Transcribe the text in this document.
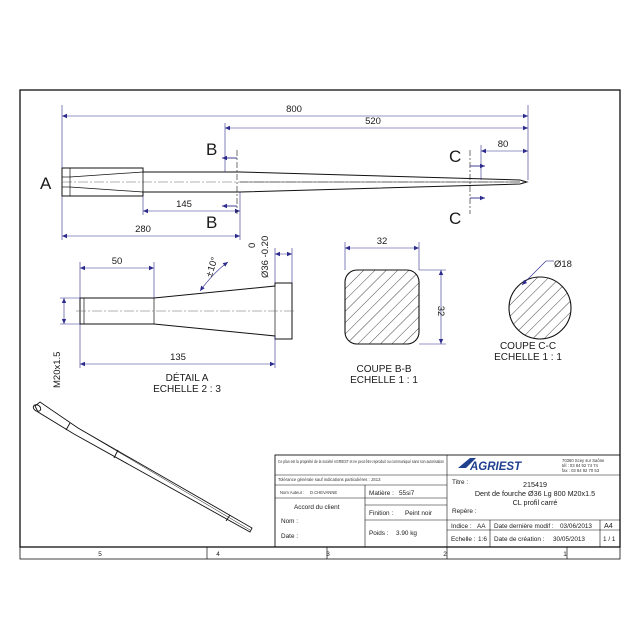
5	4	3	2	1
A
800
520
80
145
280
B
B
C
C
50
135
M20x1.5
Ø36 -0.20
0
±
10°
DÉTAIL A
ECHELLE 2 : 3
32
32
COUPE B-B
ECHELLE 1 : 1
Ø18
COUPE C-C
ECHELLE 1 : 1
Ce plan est la propriété de la société AGRIEST et ne peut être reproduit ou communiqué sans son autorisation
Tolérance générale sauf indications particulières : JS13
AGRIEST
70360 Scey sur Saône
tél : 03 84 92 74 74
fax : 03 84 92 70 53
Nom Auteur : D.CHEVANNE
Accord du client
Nom :
Date :
Matière : 55si7
Finition : Peint noir
Poids : 3.90 kg
Titre :	215419
Dent de fourche Ø36 Lg 800 M20x1.5
CL profil carré
Repère :
Indice : AA Date dernière modif : 03/06/2013 A4
Echelle : 1:6 Date de création : 30/05/2013	1 / 1
